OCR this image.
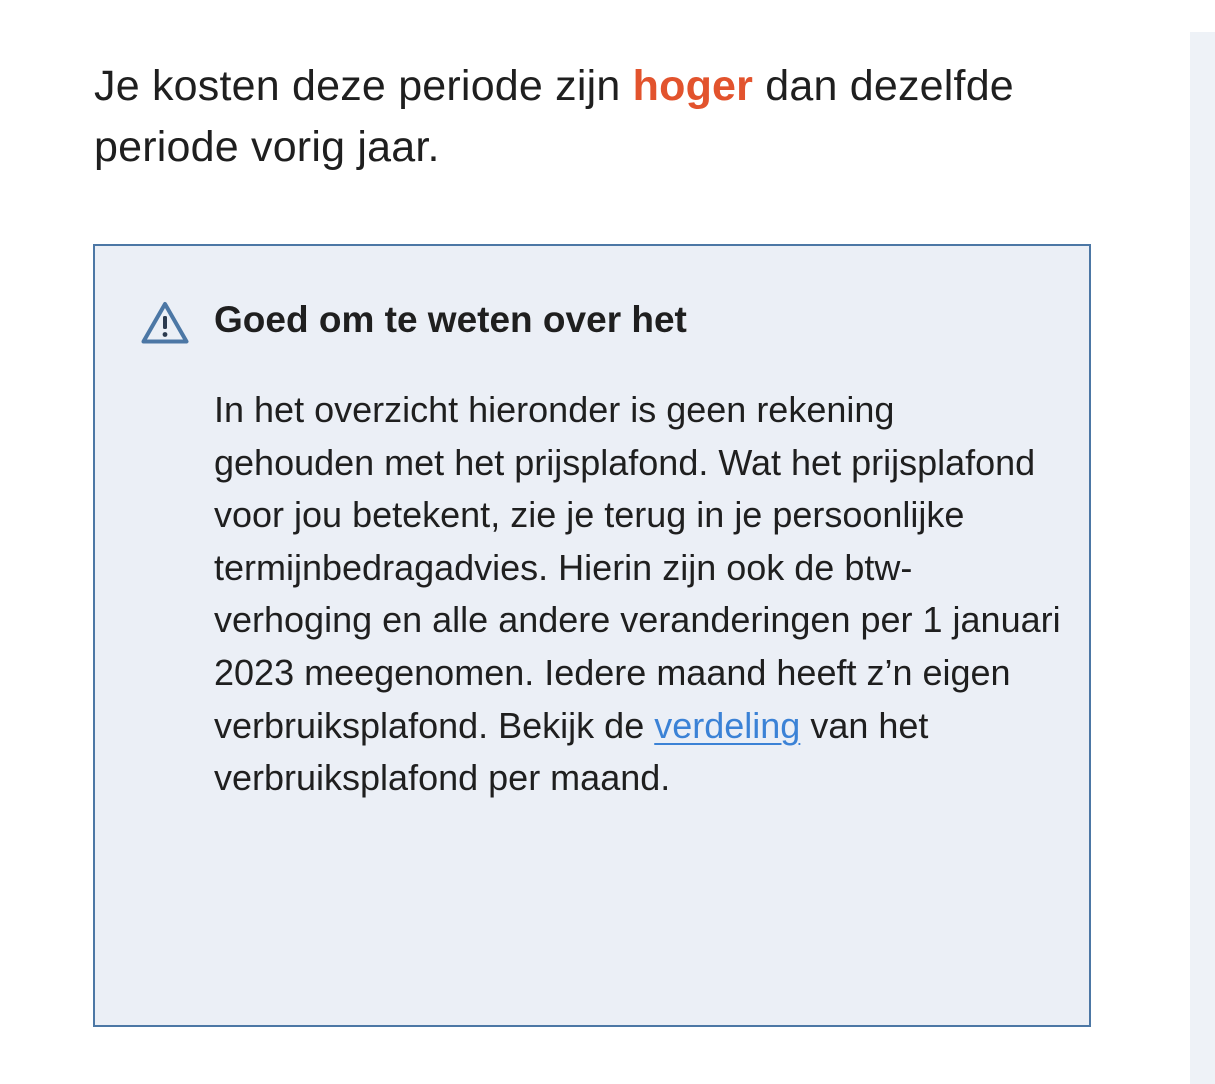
Je kosten deze periode zijn hoger dan dezelfde periode vorig jaar.

Goed om te weten over het

In het overzicht hieronder is geen rekening gehouden met het prijsplafond. Wat het prijsplafond voor jou betekent, zie je terug in je persoonlijke termijnbedragadvies. Hierin zijn ook de btw-verhoging en alle andere veranderingen per 1 januari 2023 meegenomen. Iedere maand heeft z’n eigen verbruiksplafond. Bekijk de verdeling van het verbruiksplafond per maand.
